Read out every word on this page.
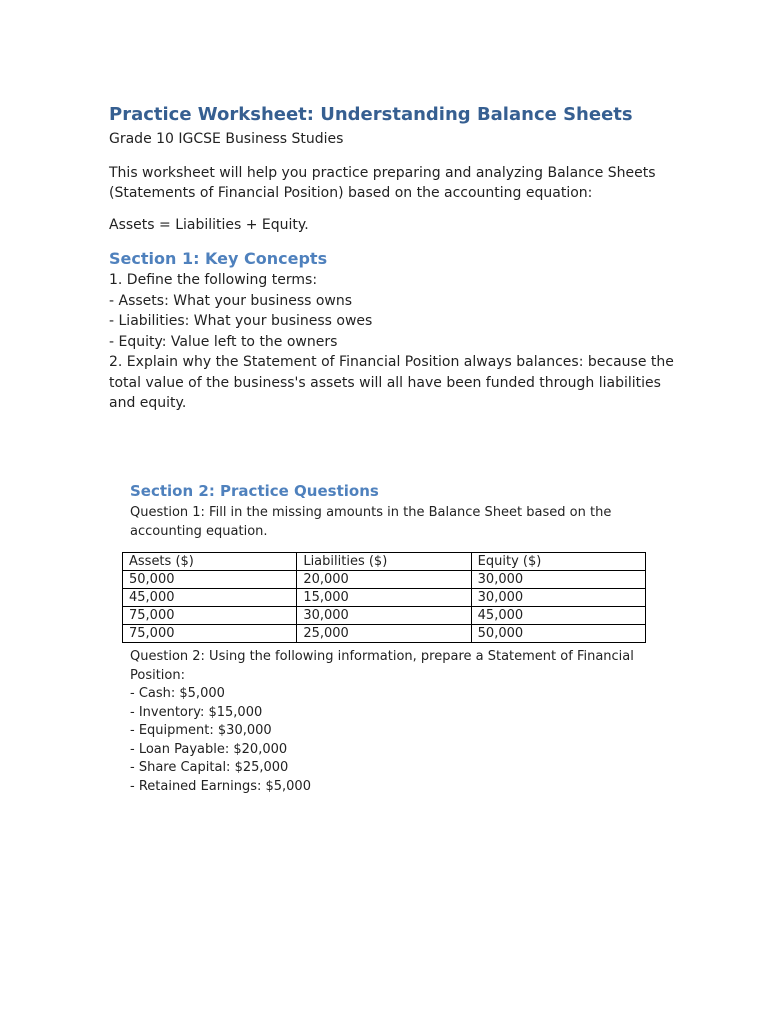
Practice Worksheet: Understanding Balance Sheets

Grade 10 IGCSE Business Studies

This worksheet will help you practice preparing and analyzing Balance Sheets (Statements of Financial Position) based on the accounting equation:

Assets = Liabilities + Equity.

Section 1: Key Concepts
1. Define the following terms:
- Assets: What your business owns
- Liabilities: What your business owes
- Equity: Value left to the owners
2. Explain why the Statement of Financial Position always balances: because the total value of the business's assets will all have been funded through liabilities and equity.
Section 2: Practice Questions

Question 1: Fill in the missing amounts in the Balance Sheet based on the accounting equation.

Assets ($)	Liabilities ($)	Equity ($)
50,000	20,000	30,000
45,000	15,000	30,000
75,000	30,000	45,000
75,000	25,000	50,000

Question 2: Using the following information, prepare a Statement of Financial Position:

- Cash: $5,000
- Inventory: $15,000
- Equipment: $30,000
- Loan Payable: $20,000
- Share Capital: $25,000
- Retained Earnings: $5,000
